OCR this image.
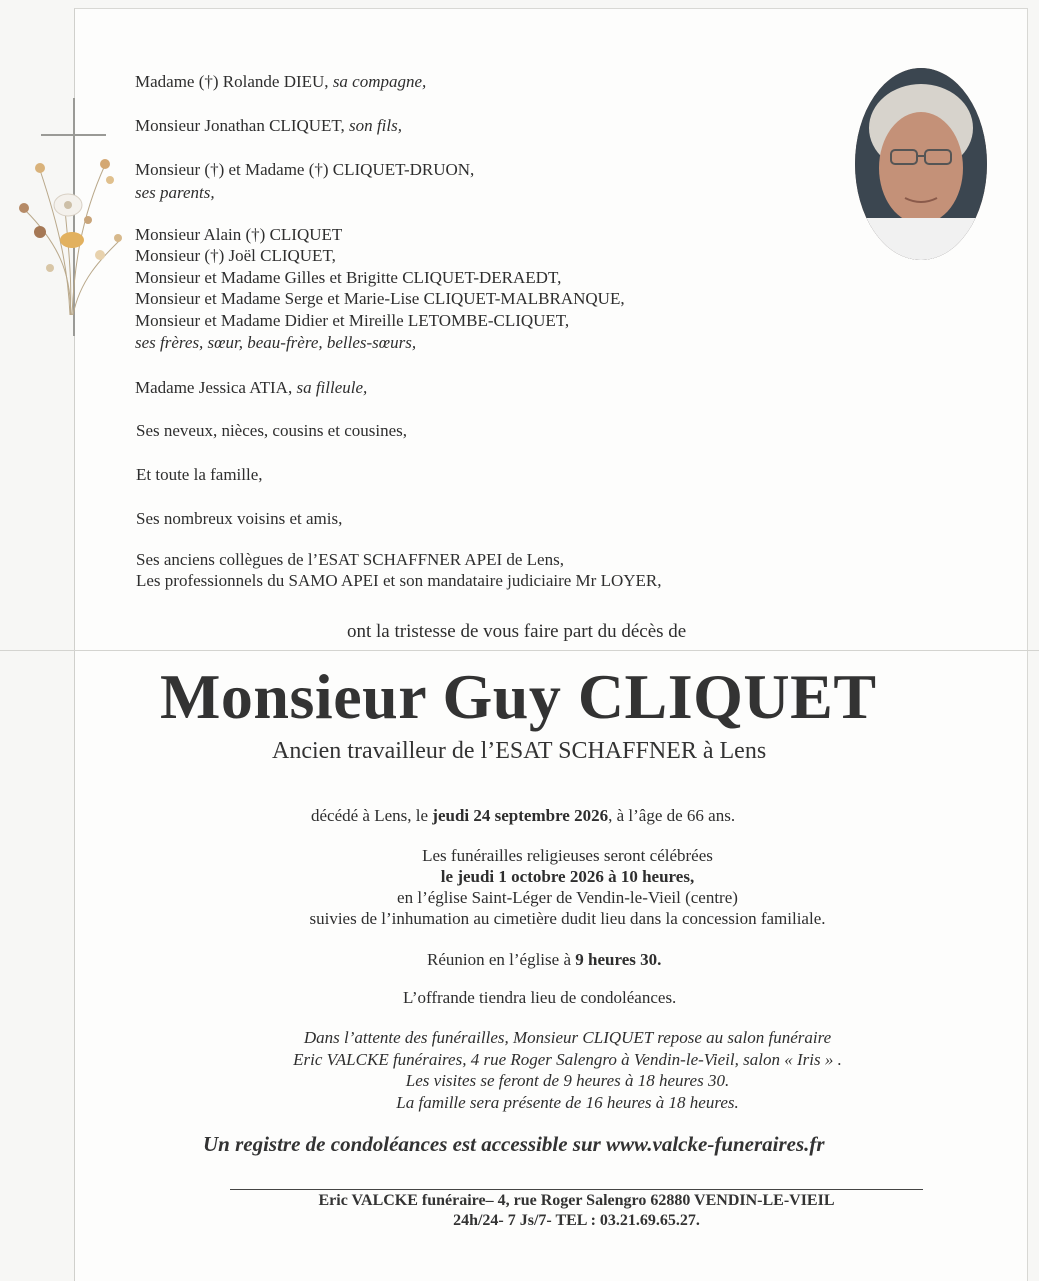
Madame (†) Rolande DIEU, sa compagne,
Monsieur Jonathan CLIQUET, son fils,
Monsieur (†) et Madame (†) CLIQUET-DRUON,
ses parents,
Monsieur Alain (†) CLIQUET
Monsieur (†) Joël CLIQUET,
Monsieur et Madame Gilles et Brigitte CLIQUET-DERAEDT,
Monsieur et Madame Serge et Marie-Lise CLIQUET-MALBRANQUE,
Monsieur et Madame Didier et Mireille LETOMBE-CLIQUET,
ses frères, sœur, beau-frère, belles-sœurs,
Madame Jessica ATIA, sa filleule,
Ses neveux, nièces, cousins et cousines,
Et toute la famille,
Ses nombreux voisins et amis,
Ses anciens collègues de l’ESAT SCHAFFNER APEI de Lens,
Les professionnels du SAMO APEI et son mandataire judiciaire Mr LOYER,
ont la tristesse de vous faire part du décès de
Monsieur Guy CLIQUET
Ancien travailleur de l’ESAT SCHAFFNER à Lens
décédé à Lens, le jeudi 24 septembre 2026, à l’âge de 66 ans.
Les funérailles religieuses seront célébrées
le jeudi 1 octobre 2026 à 10 heures,
en l’église Saint-Léger de Vendin-le-Vieil (centre)
suivies de l’inhumation au cimetière dudit lieu dans la concession familiale.
Réunion en l’église à 9 heures 30.
L’offrande tiendra lieu de condoléances.
Dans l’attente des funérailles, Monsieur CLIQUET repose au salon funéraire
Eric VALCKE funéraires, 4 rue Roger Salengro à Vendin-le-Vieil, salon « Iris » .
Les visites se feront de 9 heures à 18 heures 30.
La famille sera présente de 16 heures à 18 heures.
Un registre de condoléances est accessible sur www.valcke-funeraires.fr
Eric VALCKE funéraire– 4, rue Roger Salengro 62880 VENDIN-LE-VIEIL
24h/24- 7 Js/7- TEL : 03.21.69.65.27.
